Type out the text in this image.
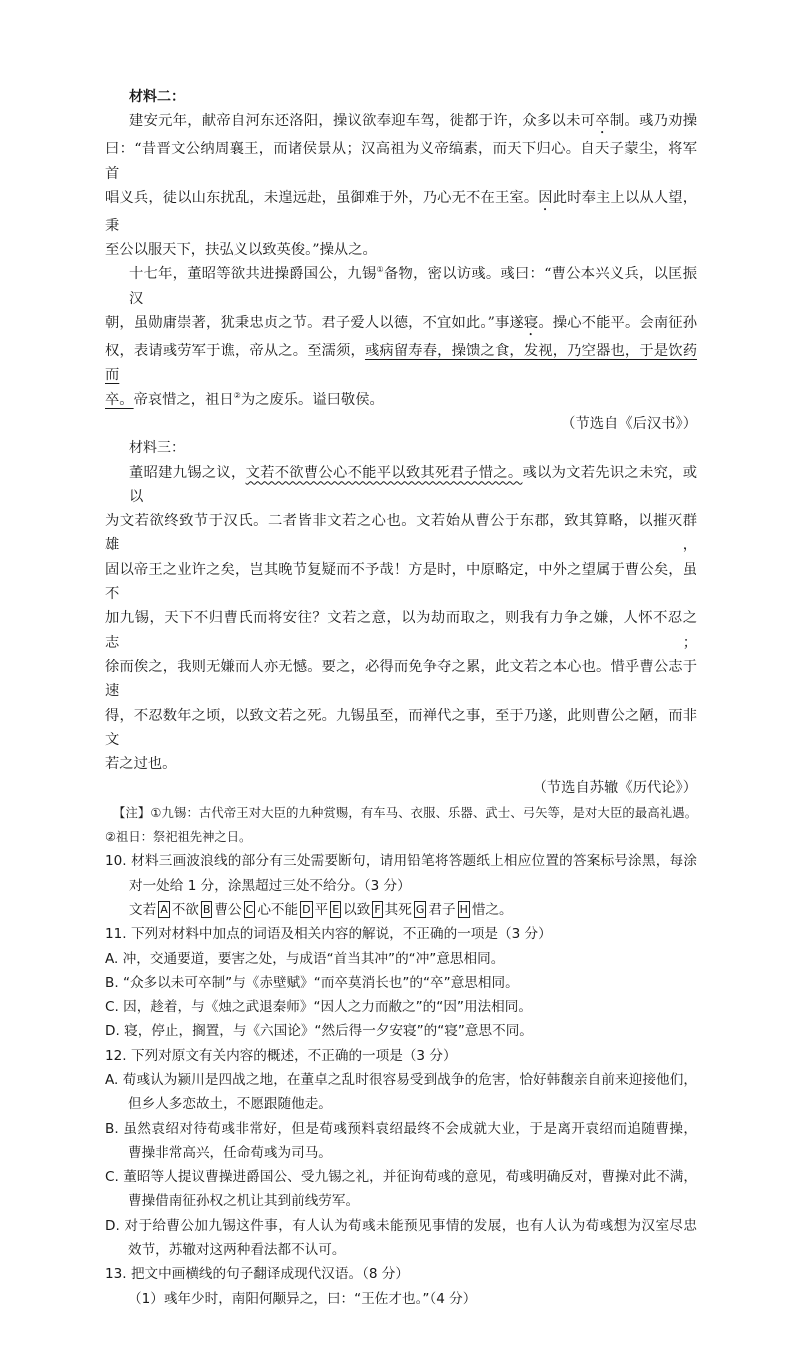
材料二：
建安元年，献帝自河东还洛阳，操议欲奉迎车驾，徙都于许，众多以未可卒制。彧乃劝操
曰：“昔晋文公纳周襄王，而诸侯景从；汉高祖为义帝缟素，而天下归心。自天子蒙尘，将军首
唱义兵，徒以山东扰乱，未遑远赴，虽御难于外，乃心无不在王室。因此时奉主上以从人望，秉
至公以服天下，扶弘义以致英俊。”操从之。
十七年，董昭等欲共进操爵国公，九锡①备物，密以访彧。彧曰：“曹公本兴义兵，以匡振汉
朝，虽勋庸崇著，犹秉忠贞之节。君子爱人以德，不宜如此。”事遂寝。操心不能平。会南征孙
权，表请彧劳军于谯，帝从之。至濡须，彧病留寿春，操馈之食，发视，乃空器也，于是饮药而
卒。帝哀惜之，祖日②为之废乐。谥曰敬侯。
（节选自《后汉书》）
材料三：
董昭建九锡之议，文若不欲曹公心不能平以致其死君子惜之。彧以为文若先识之未究，或以
为文若欲终致节于汉氏。二者皆非文若之心也。文若始从曹公于东郡，致其算略，以摧灭群雄，
固以帝王之业许之矣，岂其晚节复疑而不予哉！方是时，中原略定，中外之望属于曹公矣，虽不
加九锡，天下不归曹氏而将安往？文若之意，以为劫而取之，则我有力争之嫌，人怀不忍之志；
徐而俟之，我则无嫌而人亦无憾。要之，必得而免争夺之累，此文若之本心也。惜乎曹公志于速
得，不忍数年之顷，以致文若之死。九锡虽至，而禅代之事，至于乃遂，此则曹公之陋，而非文
若之过也。
（节选自苏辙《历代论》）
【注】①九锡：古代帝王对大臣的九种赏赐，有车马、衣服、乐器、武士、弓矢等，是对大臣的最高礼遇。
②祖日：祭祀祖先神之日。
10. 材料三画波浪线的部分有三处需要断句，请用铅笔将答题纸上相应位置的答案标号涂黑，每涂
对一处给 1 分，涂黑超过三处不给分。（3 分）
文若 A 不欲 B 曹公 C 心不能 D 平 E 以致 F 其死 G 君子 H 惜之。
11. 下列对材料中加点的词语及相关内容的解说，不正确的一项是（3 分）
A. 冲，交通要道，要害之处，与成语“首当其冲”的“冲”意思相同。
B. “众多以未可卒制”与《赤壁赋》“而卒莫消长也”的“卒”意思相同。
C. 因，趁着，与《烛之武退秦师》“因人之力而敝之”的“因”用法相同。
D. 寝，停止，搁置，与《六国论》“然后得一夕安寝”的“寝”意思不同。
12. 下列对原文有关内容的概述，不正确的一项是（3 分）
A. 荀彧认为颍川是四战之地，在董卓之乱时很容易受到战争的危害，恰好韩馥亲自前来迎接他们，
但乡人多恋故土，不愿跟随他走。
B. 虽然袁绍对待荀彧非常好，但是荀彧预料袁绍最终不会成就大业，于是离开袁绍而追随曹操，
曹操非常高兴，任命荀彧为司马。
C. 董昭等人提议曹操进爵国公、受九锡之礼，并征询荀彧的意见，荀彧明确反对，曹操对此不满，
曹操借南征孙权之机让其到前线劳军。
D. 对于给曹公加九锡这件事，有人认为荀彧未能预见事情的发展，也有人认为荀彧想为汉室尽忠
效节，苏辙对这两种看法都不认可。
13. 把文中画横线的句子翻译成现代汉语。（8 分）
（1）彧年少时，南阳何颙异之，曰：“王佐才也。”（4 分）
